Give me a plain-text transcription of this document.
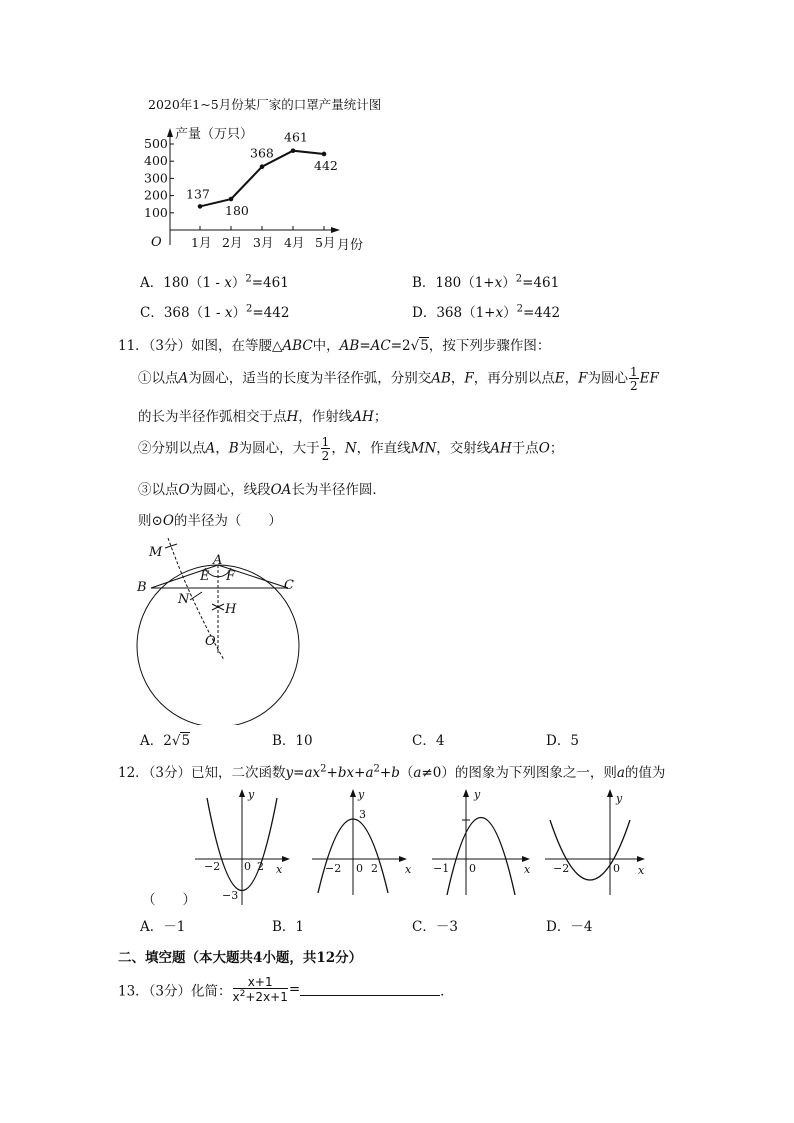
2020年1~5月份某厂家的口罩产量统计图
产量（万只）
O	月份
100
200
300
400
500
1月 2月 3月 4月 5月
137
180
368
461
442
A．180（1 - x）$^2$=461	B．$180(1+x)^2=461$
C．368（1 - x）$^2$=442	D．$368(1+x)^2=442$
11．（3分）如图，在等腰△ABC中，AB=AC=2√5，按下列步骤作图：
①以点A为圆心，适当的长度为半径作弧，分别交AB，F，再分别以点E，F为圆心 $\frac{1}{2}$ EF
的长为半径作弧相交于点H，作射线AH；
②分别以点A，B为圆心，大于 $\frac{1}{2}$ ，N，作直线MN，交射线AH于点O；
③以点O为圆心，线段OA长为半径作圆．
则⊙O的半径为（　　）
M
A
E F
B	C
N
H
O
A．2√5	B．10	C．4	D．5
12．（3分）已知，二次函数$y=ax^2+bx+a^2+b(a\ne 0)$的图象为下列图象之一，则a的值为
y
x
−2 0 2
−3
y
x
3
−2 0 2
y
x
−1 0
y
x
−2	0
（　　）
A．－1	B．1	C．－3	D．－4
二、填空题（本大题共4小题，共12分）
13．（3分）化简： $\frac{x+1}{x^2+2x+1}$ =	．
